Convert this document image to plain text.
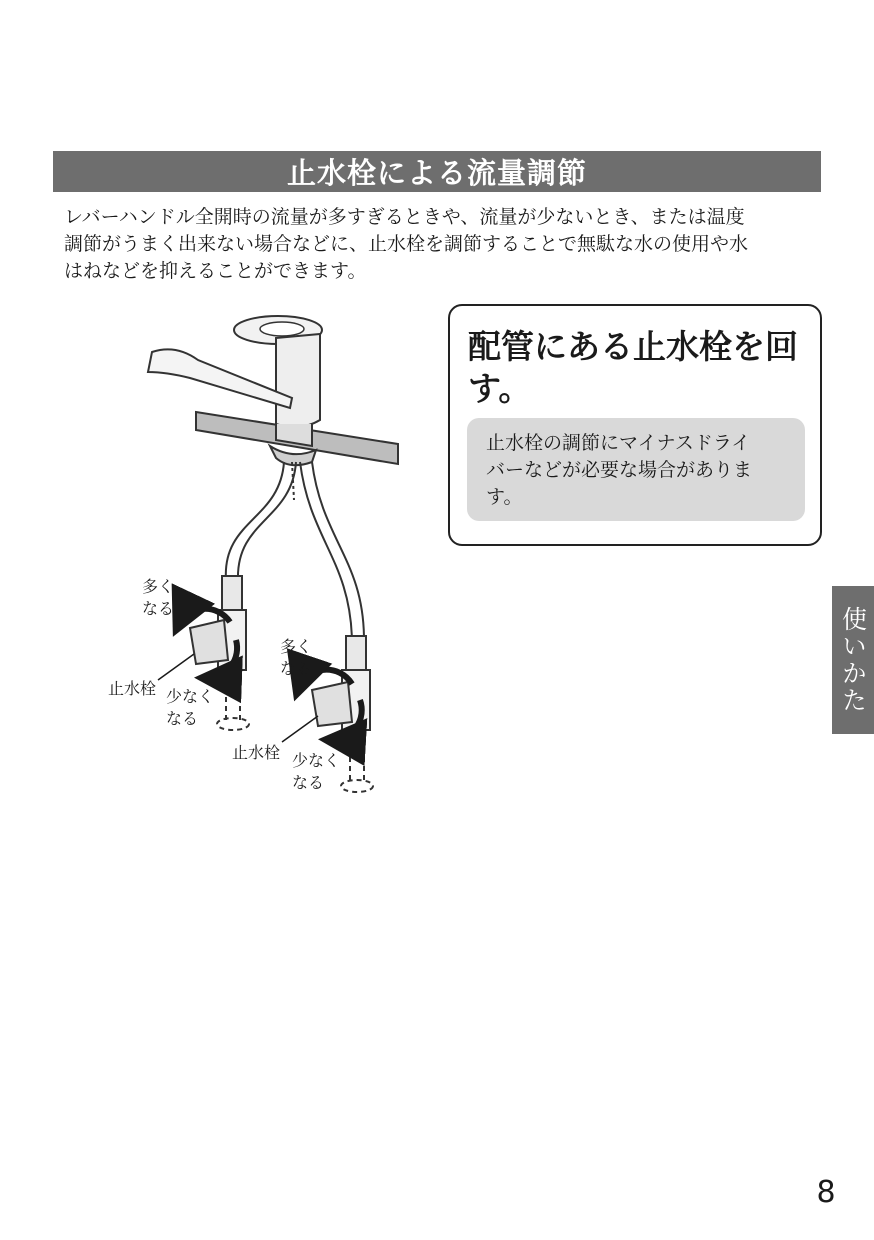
止水栓による流量調節
レバーハンドル全開時の流量が多すぎるときや、流量が少ないとき、または温度
調節がうまく出来ない場合などに、止水栓を調節することで無駄な水の使用や水
はねなどを抑えることができます。
多く
なる
止水栓 少なく
なる
多く
なる
止水栓 少なく
なる
配管にある止水栓を回
す。
止水栓の調節にマイナスドライ
バーなどが必要な場合がありま
す。
使いかた
8
